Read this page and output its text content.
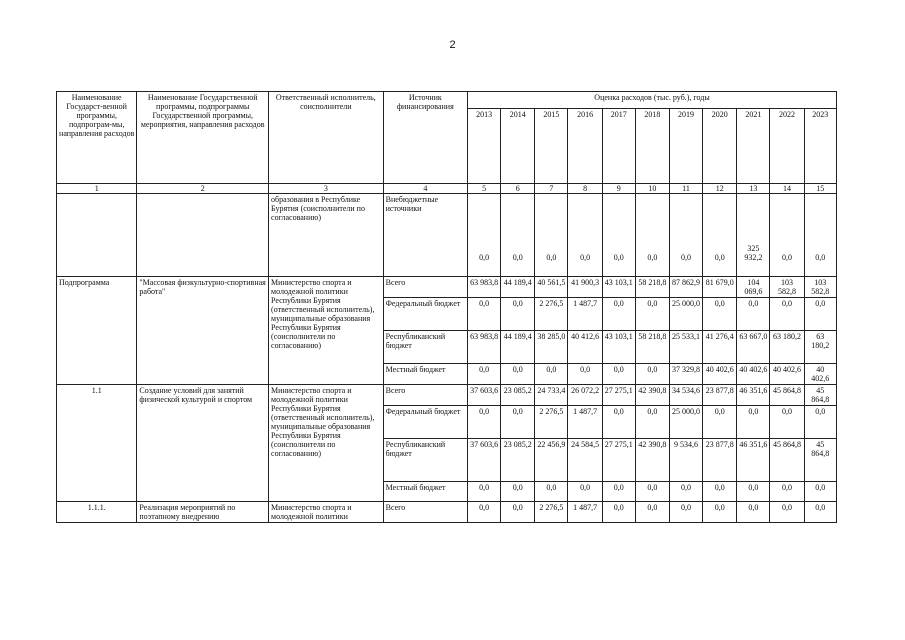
2
Наименование Государст-венной программы, подпрограм-мы, направления расходов	Наименование Государственной программы, подпрограммы Государственной программы, мероприятия, направления расходов	Ответственный исполнитель, соисполнители	Источник финансирования	Оценка расходов (тыс. руб.), годы										
				2013	2014	2015	2016	2017	2018	2019	2020	2021	2022	2023
1	2	3	4	5	6	7	8	9	10	11	12	13	14	15
		образования в Республике Бурятия (соисполнители по согласованию)	Внебюджетные источники	0,0	0,0	0,0	0,0	0,0	0,0	0,0	0,0	325 932,2	0,0	0,0
Подпрограмма	"Массовая физкультурно-спортивная работа"	Министерство спорта и молодежной политики Республики Бурятия (ответственный исполнитель), муниципальные образования Республики Бурятия (соисполнители по согласованию)	Всего	63 983,8	44 189,4	40 561,5	41 900,3	43 103,1	58 218,8	87 862,9	81 679,0	104 069,6	103 582,8	103 582,8
			Федеральный бюджет	0,0	0,0	2 276,5	1 487,7	0,0	0,0	25 000,0	0,0	0,0	0,0	0,0
			Республиканский бюджет	63 983,8	44 189,4	38 285,0	40 412,6	43 103,1	58 218,8	25 533,1	41 276,4	63 667,0	63 180,2	63 180,2
			Местный бюджет	0,0	0,0	0,0	0,0	0,0	0,0	37 329,8	40 402,6	40 402,6	40 402,6	40 402,6
1.1	Создание условий для занятий физической культурой и спортом	Министерство спорта и молодежной политики Республики Бурятия (ответственный исполнитель), муниципальные образования Республики Бурятия (соисполнители по согласованию)	Всего	37 603,6	23 085,2	24 733,4	26 072,2	27 275,1	42 390,8	34 534,6	23 877,8	46 351,6	45 864,8	45 864,8
			Федеральный бюджет	0,0	0,0	2 276,5	1 487,7	0,0	0,0	25 000,0	0,0	0,0	0,0	0,0
			Республиканский бюджет	37 603,6	23 085,2	22 456,9	24 584,5	27 275,1	42 390,8	9 534,6	23 877,8	46 351,6	45 864,8	45 864,8
			Местный бюджет	0,0	0,0	0,0	0,0	0,0	0,0	0,0	0,0	0,0	0,0	0,0
1.1.1.	Реализация мероприятий по поэтапному внедрению	Министерство спорта и молодежной политики	Всего	0,0	0,0	2 276,5	1 487,7	0,0	0,0	0,0	0,0	0,0	0,0	0,0
